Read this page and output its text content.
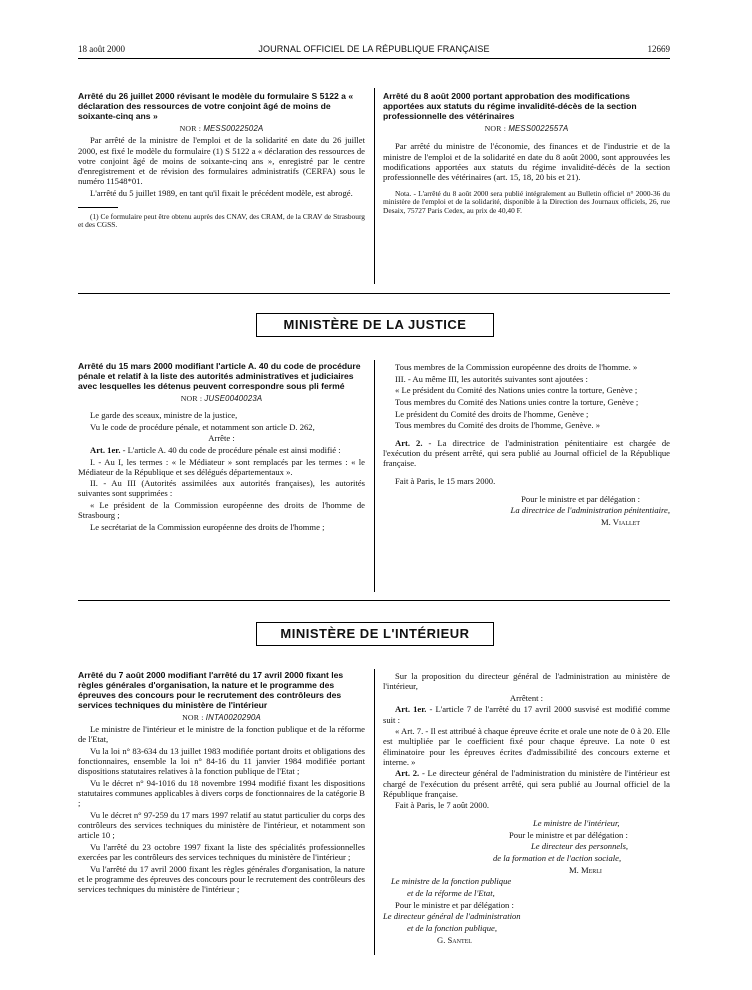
18 août 2000	JOURNAL OFFICIEL DE LA RÉPUBLIQUE FRANÇAISE	12669

Arrêté du 26 juillet 2000 révisant le modèle du formulaire S 5122 a « déclaration des ressources de votre conjoint âgé de moins de soixante-cinq ans »

NOR : MESS0022502A

Par arrêté de la ministre de l'emploi et de la solidarité en date du 26 juillet 2000, est fixé le modèle du formulaire (1) S 5122 a « déclaration des ressources de votre conjoint âgé de moins de soixante-cinq ans », enregistré par le centre d'enregistrement et de révision des formulaires administratifs (CERFA) sous le numéro 11548*01.

L'arrêté du 5 juillet 1989, en tant qu'il fixait le précédent modèle, est abrogé.

(1) Ce formulaire peut être obtenu auprès des CNAV, des CRAM, de la CRAV de Strasbourg et des CGSS.

Arrêté du 8 août 2000 portant approbation des modifications apportées aux statuts du régime invalidité-décès de la section professionnelle des vétérinaires

NOR : MESS0022557A

Par arrêté du ministre de l'économie, des finances et de l'industrie et de la ministre de l'emploi et de la solidarité en date du 8 août 2000, sont approuvées les modifications apportées aux statuts du régime invalidité-décès de la section professionnelle des vétérinaires (art. 15, 18, 20 bis et 21).

Nota. - L'arrêté du 8 août 2000 sera publié intégralement au Bulletin officiel n° 2000-36 du ministère de l'emploi et de la solidarité, disponible à la Direction des Journaux officiels, 26, rue Desaix, 75727 Paris Cedex, au prix de 40,40 F.

MINISTÈRE DE LA JUSTICE

Arrêté du 15 mars 2000 modifiant l'article A. 40 du code de procédure pénale et relatif à la liste des autorités administratives et judiciaires avec lesquelles les détenus peuvent correspondre sous pli fermé

NOR : JUSE0040023A

Le garde des sceaux, ministre de la justice,

Vu le code de procédure pénale, et notamment son article D. 262,

Arrête :

Art. 1er. - L'article A. 40 du code de procédure pénale est ainsi modifié :

I. - Au I, les termes : « le Médiateur » sont remplacés par les termes : « le Médiateur de la République et ses délégués départementaux ».

II. - Au III (Autorités assimilées aux autorités françaises), les autorités suivantes sont supprimées :

« Le président de la Commission européenne des droits de l'homme de Strasbourg ;

Le secrétariat de la Commission européenne des droits de l'homme ;

Tous membres de la Commission européenne des droits de l'homme. »

III. - Au même III, les autorités suivantes sont ajoutées :

« Le président du Comité des Nations unies contre la torture, Genève ;

Tous membres du Comité des Nations unies contre la torture, Genève ;

Le président du Comité des droits de l'homme, Genève ;

Tous membres du Comité des droits de l'homme, Genève. »

Art. 2. - La directrice de l'administration pénitentiaire est chargée de l'exécution du présent arrêté, qui sera publié au Journal officiel de la République française.

Fait à Paris, le 15 mars 2000.

Pour le ministre et par délégation :

La directrice de l'administration pénitentiaire,

M. Viallet

MINISTÈRE DE L'INTÉRIEUR

Arrêté du 7 août 2000 modifiant l'arrêté du 17 avril 2000 fixant les règles générales d'organisation, la nature et le programme des épreuves des concours pour le recrutement des contrôleurs des services techniques du ministère de l'intérieur

NOR : INTA0020290A

Le ministre de l'intérieur et le ministre de la fonction publique et de la réforme de l'Etat,

Vu la loi n° 83-634 du 13 juillet 1983 modifiée portant droits et obligations des fonctionnaires, ensemble la loi n° 84-16 du 11 janvier 1984 modifiée portant dispositions statutaires relatives à la fonction publique de l'Etat ;

Vu le décret n° 94-1016 du 18 novembre 1994 modifié fixant les dispositions statutaires communes applicables à divers corps de fonctionnaires de la catégorie B ;

Vu le décret n° 97-259 du 17 mars 1997 relatif au statut particulier du corps des contrôleurs des services techniques du ministère de l'intérieur, et notamment son article 10 ;

Vu l'arrêté du 23 octobre 1997 fixant la liste des spécialités professionnelles exercées par les contrôleurs des services techniques du ministère de l'intérieur ;

Vu l'arrêté du 17 avril 2000 fixant les règles générales d'organisation, la nature et le programme des épreuves des concours pour le recrutement des contrôleurs des services techniques du ministère de l'intérieur ;

Sur la proposition du directeur général de l'administration au ministère de l'intérieur,

Arrêtent :

Art. 1er. - L'article 7 de l'arrêté du 17 avril 2000 susvisé est modifié comme suit :

« Art. 7. - Il est attribué à chaque épreuve écrite et orale une note de 0 à 20. Elle est multipliée par le coefficient fixé pour chaque épreuve. La note 0 est éliminatoire pour les épreuves écrites d'admissibilité des concours externe et interne. »

Art. 2. - Le directeur général de l'administration du ministère de l'intérieur est chargé de l'exécution du présent arrêté, qui sera publié au Journal officiel de la République française.

Fait à Paris, le 7 août 2000.

Le ministre de l'intérieur,

Pour le ministre et par délégation :

Le directeur des personnels,

de la formation et de l'action sociale,

M. Merli

Le ministre de la fonction publique

et de la réforme de l'Etat,

Pour le ministre et par délégation :

Le directeur général de l'administration

et de la fonction publique,

G. Santel
